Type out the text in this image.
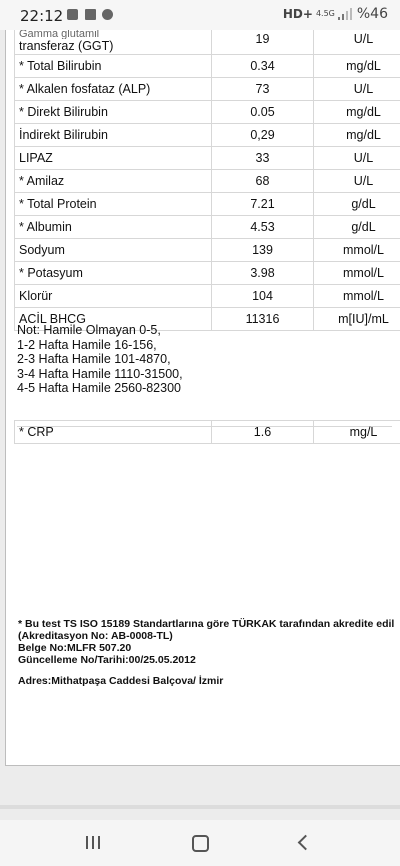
22:12	HD+ 4.5G %46
Gamma glutamil
transferaz (GGT)	19	U/L
* Total Bilirubin	0.34	mg/dL
* Alkalen fosfataz (ALP)	73	U/L
* Direkt Bilirubin	0.05	mg/dL
İndirekt Bilirubin	0,29	mg/dL
LIPAZ	33	U/L
* Amilaz	68	U/L
* Total Protein	7.21	g/dL
* Albumin	4.53	g/dL
Sodyum	139	mmol/L
* Potasyum	3.98	mmol/L
Klorür	104	mmol/L
ACİL BHCG	11316	m[IU]/mL
Not: Hamile Olmayan 0-5,
1-2 Hafta Hamile 16-156,
2-3 Hafta Hamile 101-4870,
3-4 Hafta Hamile 1110-31500,
4-5 Hafta Hamile 2560-82300
* CRP	1.6	mg/L
* Bu test TS ISO 15189 Standartlarına göre TÜRKAK tarafından akredite edil
(Akreditasyon No: AB-0008-TL)
Belge No:MLFR 507.20
Güncelleme No/Tarihi:00/25.05.2012
Adres:Mithatpaşa Caddesi Balçova/ İzmir
